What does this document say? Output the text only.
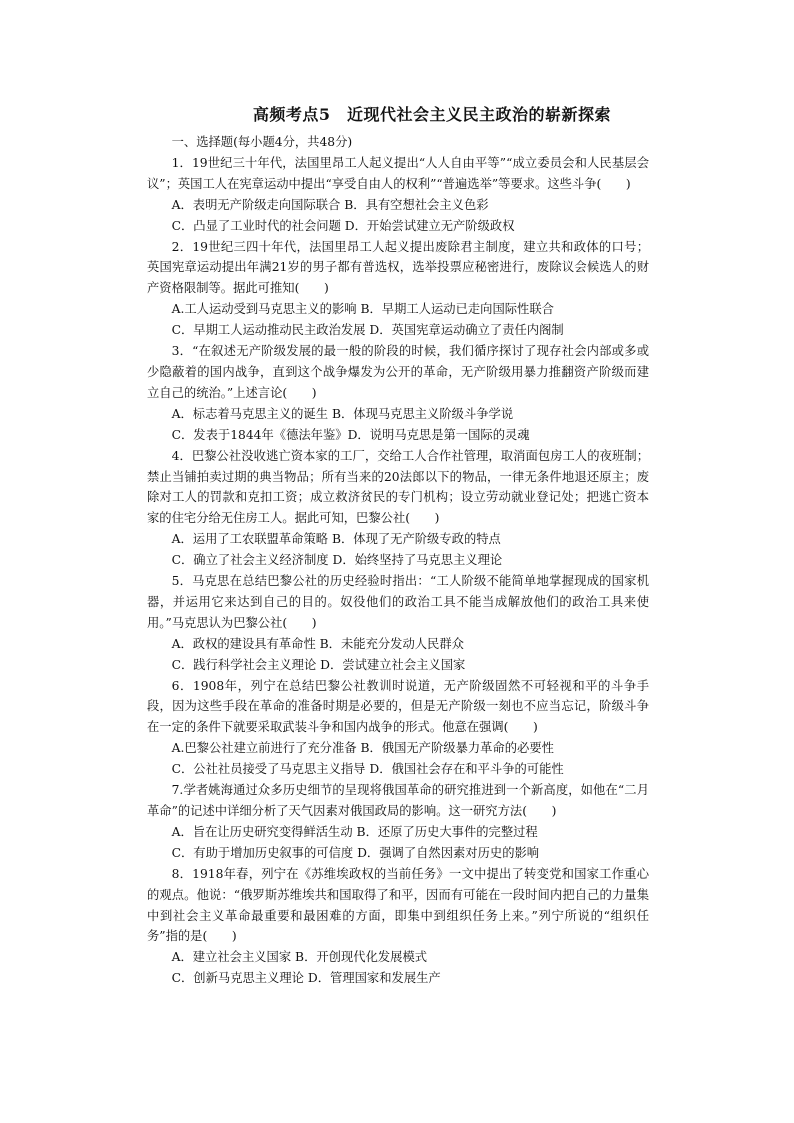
高频考点5　近现代社会主义民主政治的崭新探索

一、选择题(每小题4分，共48分)

1．19世纪三十年代，法国里昂工人起义提出“人人自由平等”“成立委员会和人民基层会议”；英国工人在宪章运动中提出“享受自由人的权利”“普遍选举”等要求。这些斗争(　　)

A．表明无产阶级走向国际联合 B．具有空想社会主义色彩

C．凸显了工业时代的社会问题 D．开始尝试建立无产阶级政权

2．19世纪三四十年代，法国里昂工人起义提出废除君主制度，建立共和政体的口号；英国宪章运动提出年满21岁的男子都有普选权，选举投票应秘密进行，废除议会候选人的财产资格限制等。据此可推知(　　)

A.工人运动受到马克思主义的影响 B．早期工人运动已走向国际性联合

C．早期工人运动推动民主政治发展 D．英国宪章运动确立了责任内阁制

3．“在叙述无产阶级发展的最一般的阶段的时候，我们循序探讨了现存社会内部或多或少隐蔽着的国内战争，直到这个战争爆发为公开的革命，无产阶级用暴力推翻资产阶级而建立自己的统治。”上述言论(　　)

A．标志着马克思主义的诞生 B．体现马克思主义阶级斗争学说

C．发表于1844年《德法年鉴》D．说明马克思是第一国际的灵魂

4．巴黎公社没收逃亡资本家的工厂，交给工人合作社管理，取消面包房工人的夜班制；禁止当铺拍卖过期的典当物品；所有当来的20法郎以下的物品，一律无条件地退还原主；废除对工人的罚款和克扣工资；成立救济贫民的专门机构；设立劳动就业登记处；把逃亡资本家的住宅分给无住房工人。据此可知，巴黎公社(　　)

A．运用了工农联盟革命策略 B．体现了无产阶级专政的特点

C．确立了社会主义经济制度 D．始终坚持了马克思主义理论

5．马克思在总结巴黎公社的历史经验时指出：“工人阶级不能简单地掌握现成的国家机器，并运用它来达到自己的目的。奴役他们的政治工具不能当成解放他们的政治工具来使用。”马克思认为巴黎公社(　　)

A．政权的建设具有革命性 B．未能充分发动人民群众

C．践行科学社会主义理论 D．尝试建立社会主义国家

6．1908年，列宁在总结巴黎公社教训时说道，无产阶级固然不可轻视和平的斗争手段，因为这些手段在革命的准备时期是必要的，但是无产阶级一刻也不应当忘记，阶级斗争在一定的条件下就要采取武装斗争和国内战争的形式。他意在强调(　　)

A.巴黎公社建立前进行了充分准备 B．俄国无产阶级暴力革命的必要性

C．公社社员接受了马克思主义指导 D．俄国社会存在和平斗争的可能性

7.学者姚海通过众多历史细节的呈现将俄国革命的研究推进到一个新高度，如他在“二月革命”的记述中详细分析了天气因素对俄国政局的影响。这一研究方法(　　)

A．旨在让历史研究变得鲜活生动 B．还原了历史大事件的完整过程

C．有助于增加历史叙事的可信度 D．强调了自然因素对历史的影响

8．1918年春，列宁在《苏维埃政权的当前任务》一文中提出了转变党和国家工作重心的观点。他说：“俄罗斯苏维埃共和国取得了和平，因而有可能在一段时间内把自己的力量集中到社会主义革命最重要和最困难的方面，即集中到组织任务上来。”列宁所说的“组织任务”指的是(　　)

A．建立社会主义国家 B．开创现代化发展模式

C．创新马克思主义理论 D．管理国家和发展生产
